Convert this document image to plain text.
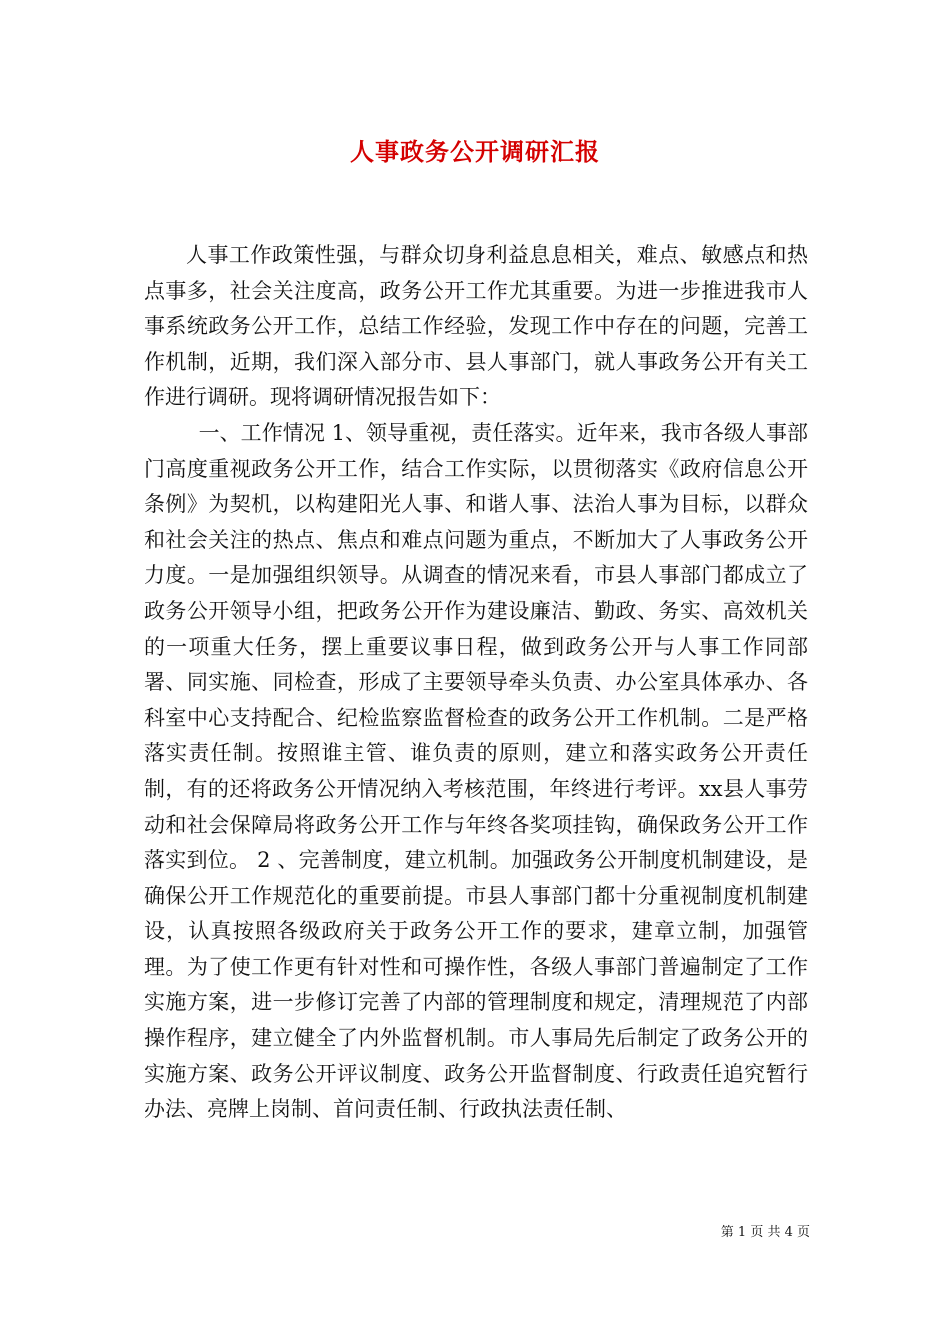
人事政务公开调研汇报

人事工作政策性强，与群众切身利益息息相关，难点、敏感点和热点事多，社会关注度高，政务公开工作尤其重要。为进一步推进我市人事系统政务公开工作，总结工作经验，发现工作中存在的问题，完善工作机制，近期，我们深入部分市、县人事部门，就人事政务公开有关工作进行调研。现将调研情况报告如下：

一、工作情况 1、领导重视，责任落实。近年来，我市各级人事部门高度重视政务公开工作，结合工作实际，以贯彻落实《政府信息公开条例》为契机，以构建阳光人事、和谐人事、法治人事为目标，以群众和社会关注的热点、焦点和难点问题为重点，不断加大了人事政务公开力度。一是加强组织领导。从调查的情况来看，市县人事部门都成立了政务公开领导小组，把政务公开作为建设廉洁、勤政、务实、高效机关的一项重大任务，摆上重要议事日程，做到政务公开与人事工作同部署、同实施、同检查，形成了主要领导牵头负责、办公室具体承办、各科室中心支持配合、纪检监察监督检查的政务公开工作机制。二是严格落实责任制。按照谁主管、谁负责的原则，建立和落实政务公开责任制，有的还将政务公开情况纳入考核范围，年终进行考评。xx县人事劳动和社会保障局将政务公开工作与年终各奖项挂钩，确保政务公开工作落实到位。 2 、完善制度，建立机制。加强政务公开制度机制建设，是确保公开工作规范化的重要前提。市县人事部门都十分重视制度机制建设，认真按照各级政府关于政务公开工作的要求，建章立制，加强管理。为了使工作更有针对性和可操作性，各级人事部门普遍制定了工作实施方案，进一步修订完善了内部的管理制度和规定，清理规范了内部操作程序，建立健全了内外监督机制。市人事局先后制定了政务公开的实施方案、政务公开评议制度、政务公开监督制度、行政责任追究暂行办法、亮牌上岗制、首问责任制、行政执法责任制、

第 1 页 共 4 页
